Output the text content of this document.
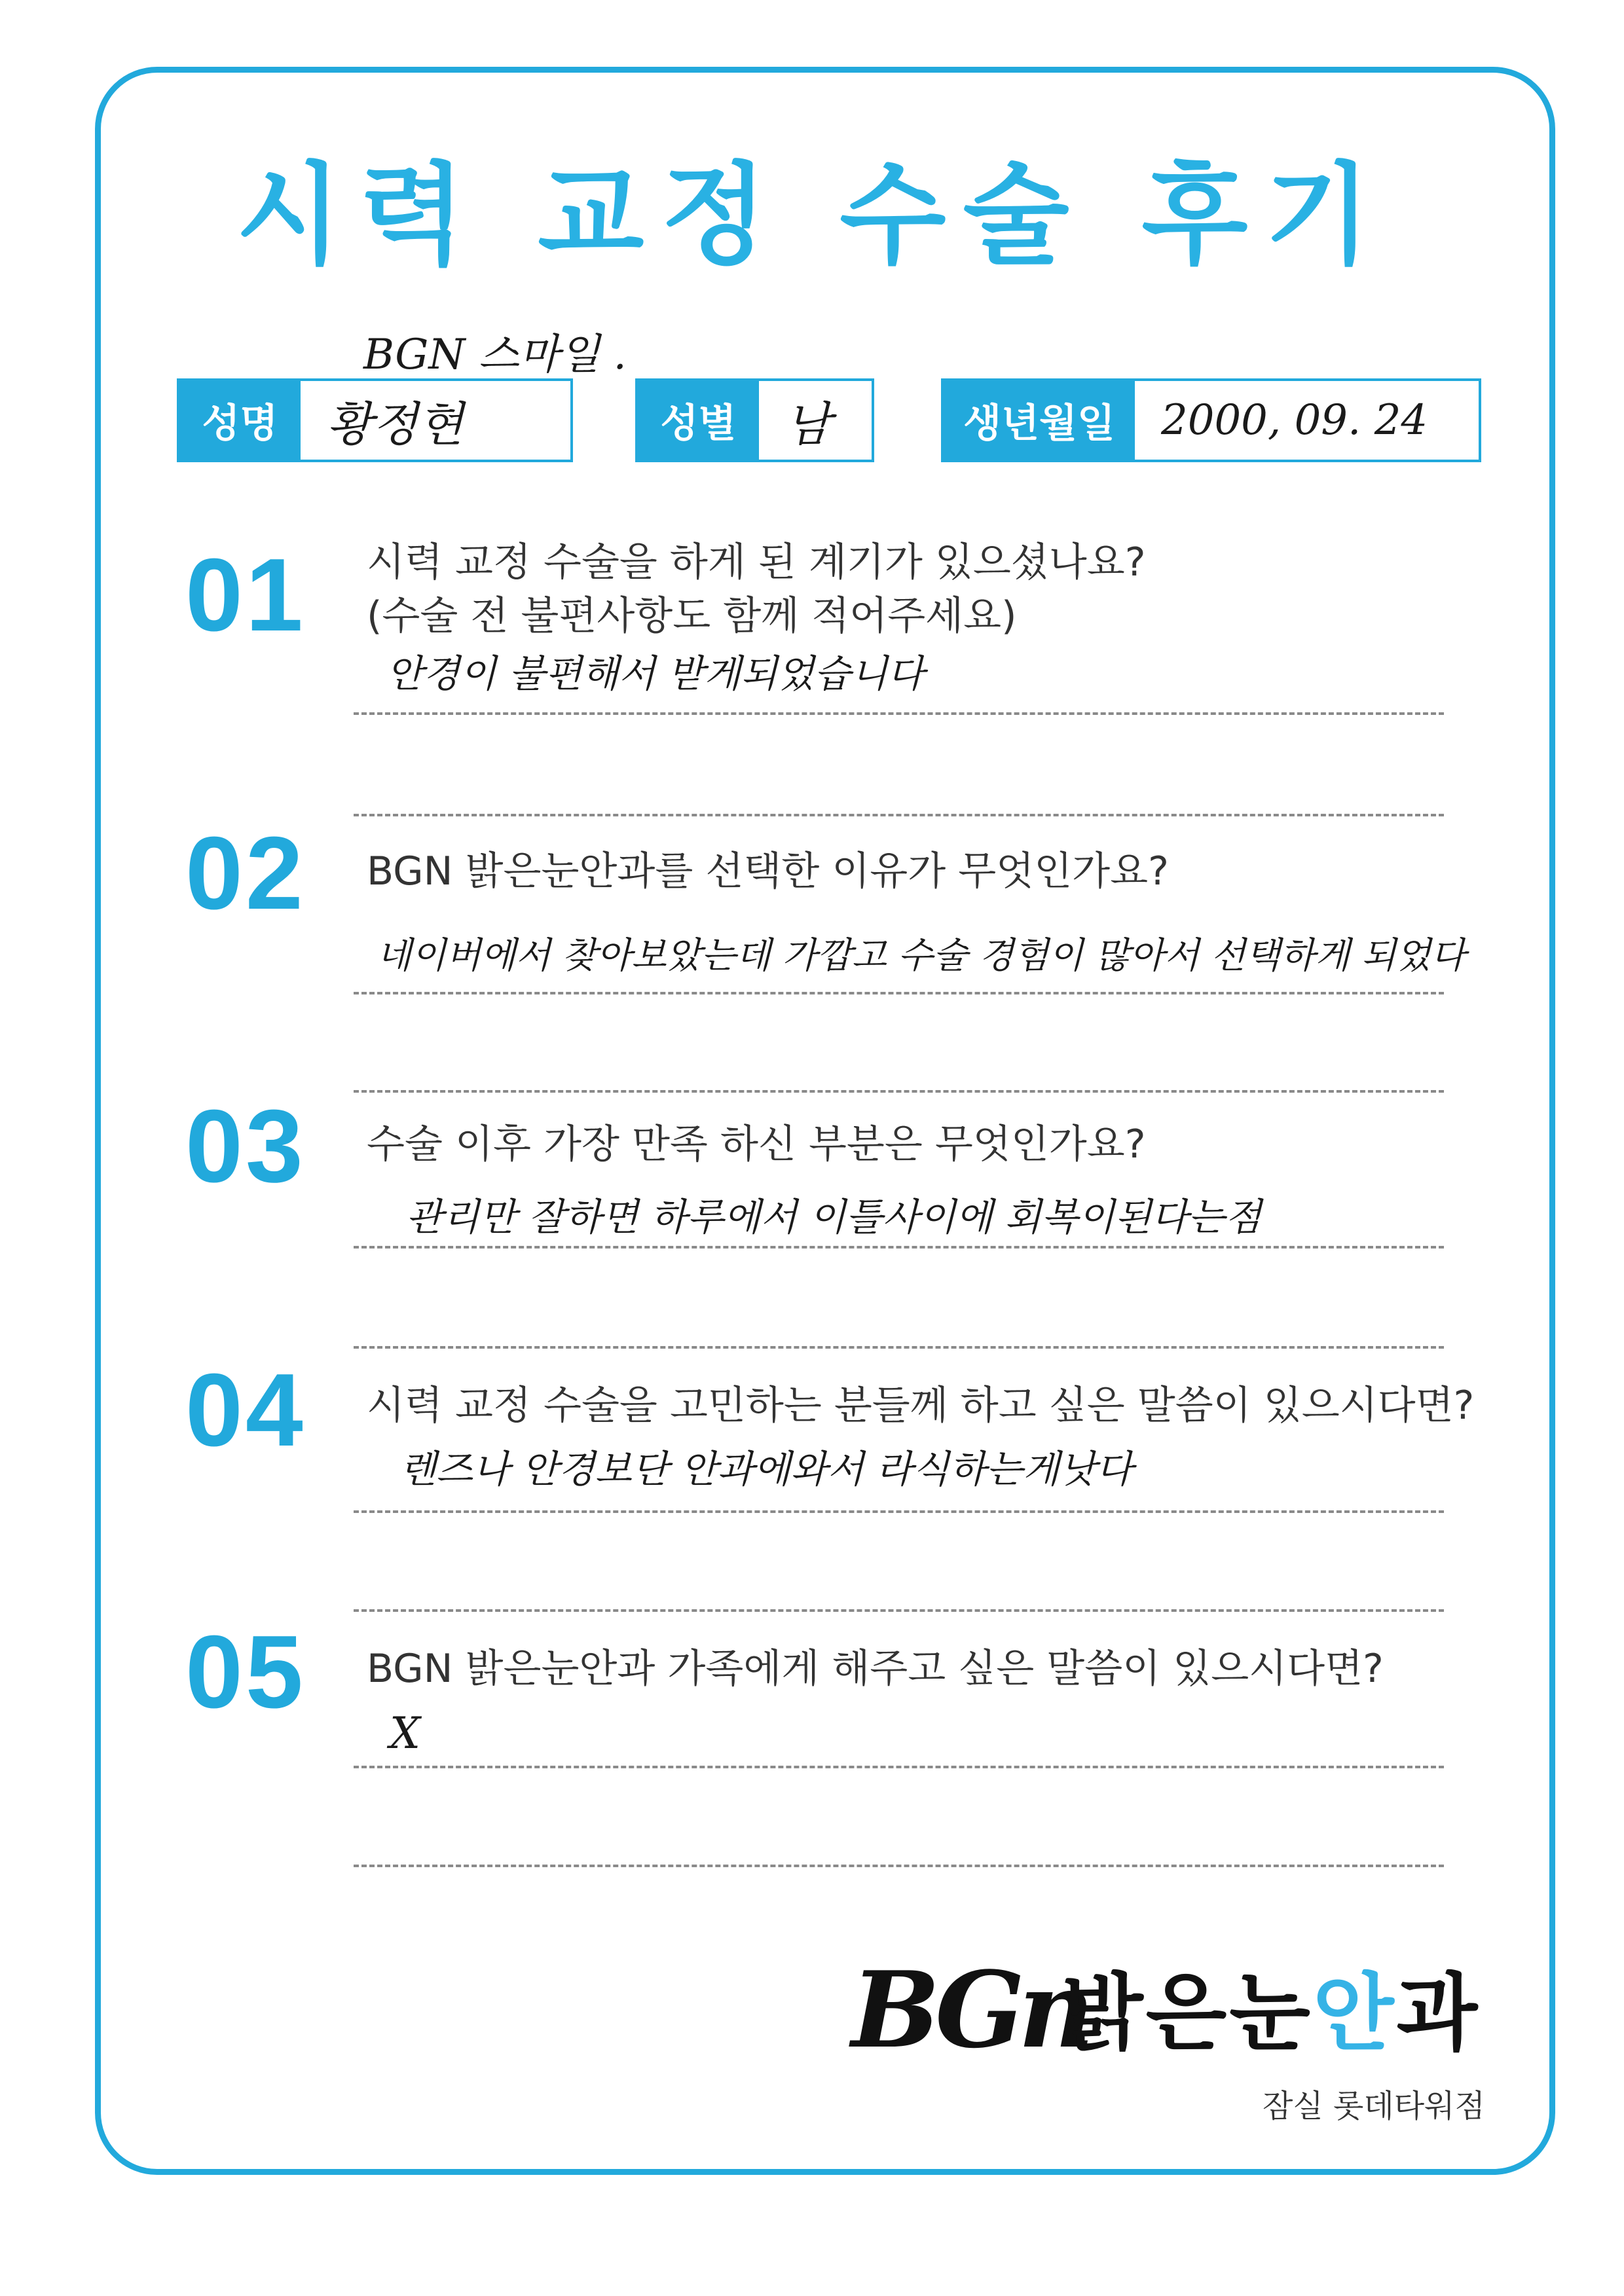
시력 교정 수술 후기
BGN 스마일 .
성명	황정현	성별	남	생년월일	2000, 09. 24
01 시력 교정 수술을 하게 된 계기가 있으셨나요?
(수술 전 불편사항도 함께 적어주세요)
안경이 불편해서 받게되었습니다
02 BGN 밝은눈안과를 선택한 이유가 무엇인가요?
네이버에서 찾아보았는데 가깝고 수술 경험이 많아서 선택하게 되었다
03 수술 이후 가장 만족 하신 부분은 무엇인가요?
관리만 잘하면 하루에서 이틀사이에 회복이된다는점
04 시력 교정 수술을 고민하는 분들께 하고 싶은 말씀이 있으시다면?
렌즈나 안경보단 안과에와서 라식하는게낫다
05 BGN 밝은눈안과 가족에게 해주고 싶은 말씀이 있으시다면?
X
BGn
밝은눈안과
잠실 롯데타워점
